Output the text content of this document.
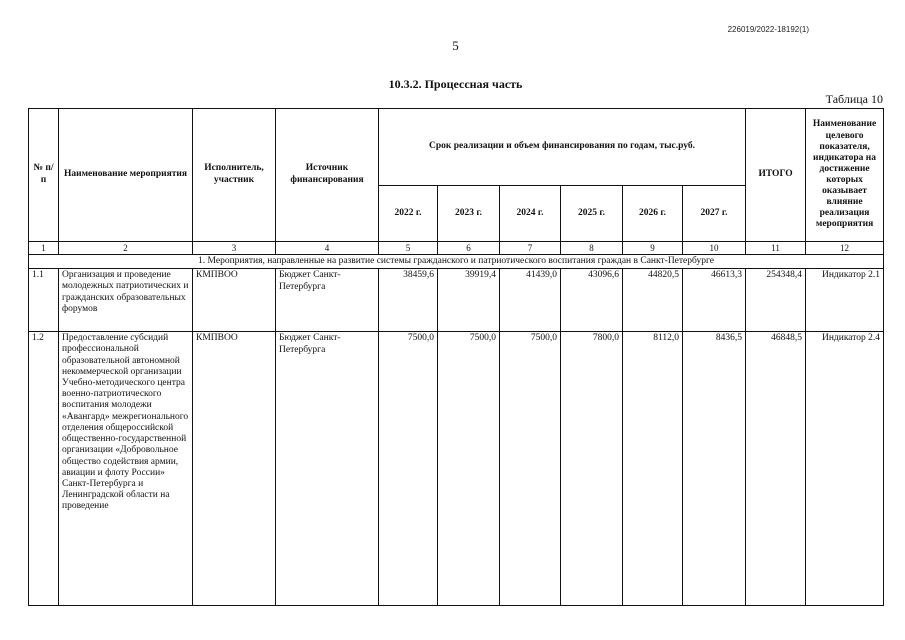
226019/2022-18192(1)
5
10.3.2. Процессная часть
Таблица 10
№ п/п	Наименование мероприятия	Исполнитель, участник	Источник финансирования	Срок реализации и объем финансирования по годам, тыс.руб.						ИТОГО	Наименование целевого показателя, индикатора на достижение которых оказывает влияние реализация мероприятия
				2022 г.	2023 г.	2024 г.	2025 г.	2026 г.	2027 г.		
1	2	3	4	5	6	7	8	9	10	11	12
1. Мероприятия, направленные на развитие системы гражданского и патриотического воспитания граждан в Санкт-Петербурге											
1.1	Организация и проведение молодежных патриотических и гражданских образовательных форумов	КМПВОО	Бюджет Санкт-Петербурга	38459,6	39919,4	41439,0	43096,6	44820,5	46613,3	254348,4	Индикатор 2.1
1.2	Предоставление субсидий профессиональной образовательной автономной некоммерческой организации Учебно-методического центра военно-патриотического воспитания молодежи «Авангард» межрегионального отделения общероссийской общественно-государственной организации «Добровольное общество содействия армии, авиации и флоту России» Санкт-Петербурга и Ленинградской области на проведение	КМПВОО	Бюджет Санкт-Петербурга	7500,0	7500,0	7500,0	7800,0	8112,0	8436,5	46848,5	Индикатор 2.4
